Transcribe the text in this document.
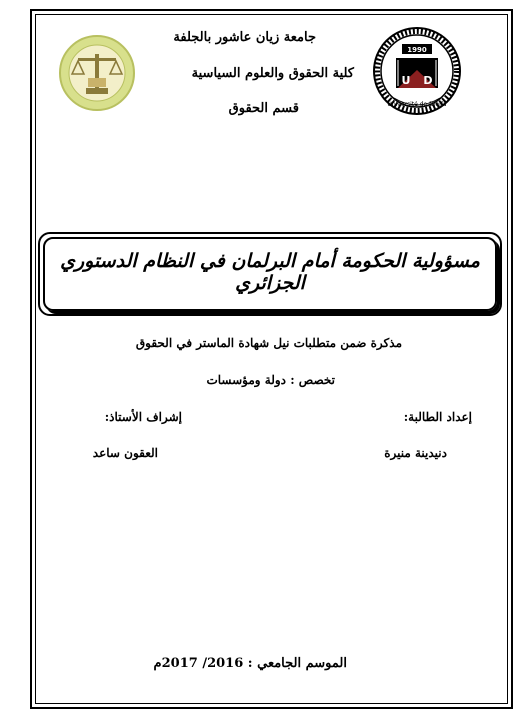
1990
U D
Université de Djelfa
جامعة زيان عاشور بالجلفة
كلية الحقوق والعلوم السياسية
قسم الحقوق
مسؤولية الحكومة أمام البرلمان في النظام الدستوري الجزائري
مذكرة ضمن متطلبات نيل شهادة الماستر في الحقوق
تخصص : دولة ومؤسسات
إعداد الطالبة:
إشراف الأستاذ:
دنيدينة منيرة
العقون ساعد
الموسم الجامعي : 2016/ 2017م
